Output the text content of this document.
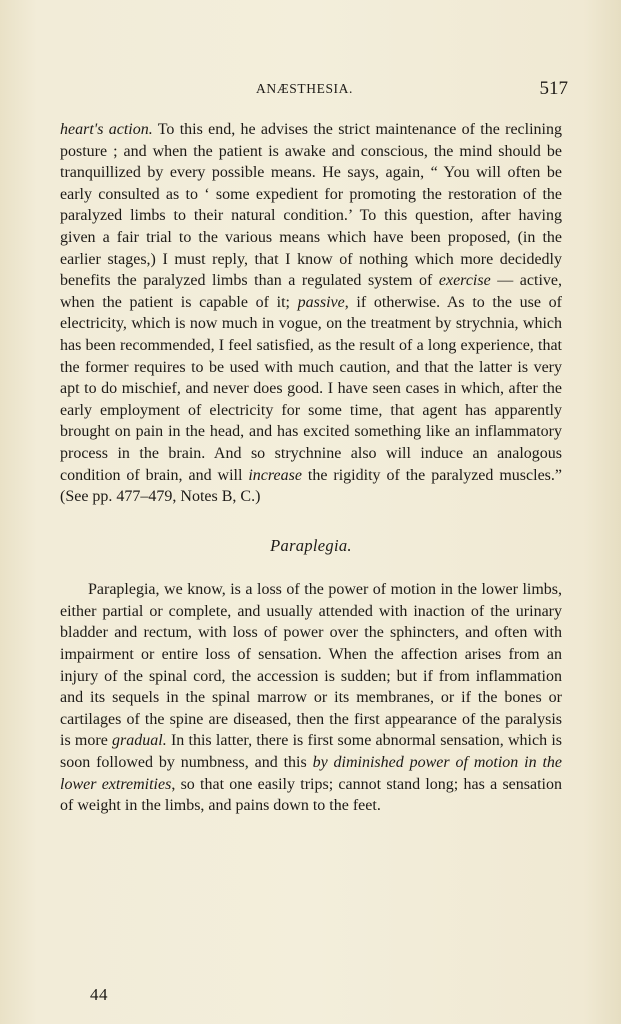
ANÆSTHESIA.	517

heart's action. To this end, he advises the strict maintenance of the reclining posture ; and when the patient is awake and conscious, the mind should be tranquillized by every possible means. He says, again, “ You will often be early consulted as to ‘ some expedient for promoting the restoration of the paralyzed limbs to their natural condition.’ To this question, after having given a fair trial to the various means which have been proposed, (in the earlier stages,) I must reply, that I know of nothing which more decidedly benefits the paralyzed limbs than a regulated system of exercise — active, when the patient is capable of it; passive, if otherwise. As to the use of electricity, which is now much in vogue, on the treatment by strychnia, which has been recommended, I feel satisfied, as the result of a long experience, that the former requires to be used with much caution, and that the latter is very apt to do mischief, and never does good. I have seen cases in which, after the early employment of electricity for some time, that agent has apparently brought on pain in the head, and has excited something like an inflammatory process in the brain. And so strychnine also will induce an analogous condition of brain, and will increase the rigidity of the paralyzed muscles.” (See pp. 477–479, Notes B, C.)

Paraplegia.

Paraplegia, we know, is a loss of the power of motion in the lower limbs, either partial or complete, and usually attended with inaction of the urinary bladder and rectum, with loss of power over the sphincters, and often with impairment or entire loss of sensation. When the affection arises from an injury of the spinal cord, the accession is sudden; but if from inflammation and its sequels in the spinal marrow or its membranes, or if the bones or cartilages of the spine are diseased, then the first appearance of the paralysis is more gradual. In this latter, there is first some abnormal sensation, which is soon followed by numbness, and this by diminished power of motion in the lower extremities, so that one easily trips; cannot stand long; has a sensation of weight in the limbs, and pains down to the feet.

44
